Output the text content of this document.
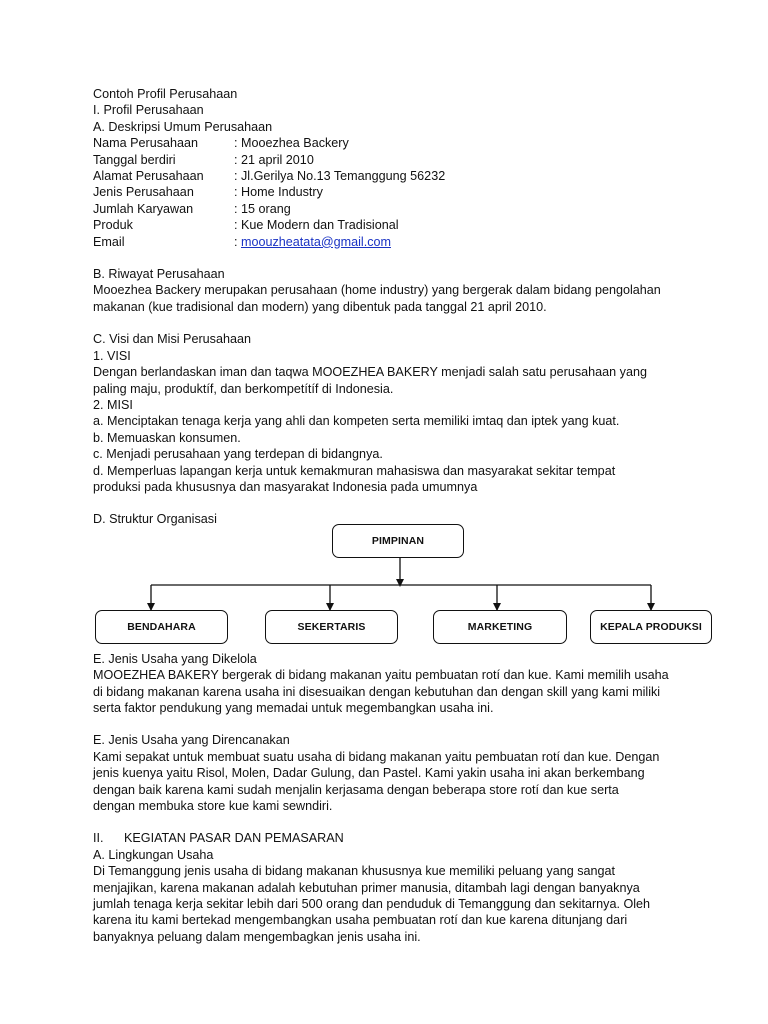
Contoh Profil Perusahaan
I. Profil Perusahaan
A. Deskripsi Umum Perusahaan
Nama Perusahaan	: Mooezhea Backery
Tanggal berdiri	: 21 april 2010
Alamat Perusahaan	: Jl.Gerilya No.13 Temanggung 56232
Jenis Perusahaan	: Home Industry
Jumlah Karyawan	: 15 orang
Produk	: Kue Modern dan Tradisional
Email	: moouzheatata@gmail.com
B. Riwayat Perusahaan
Mooezhea Backery merupakan perusahaan (home industry) yang bergerak dalam bidang pengolahan
makanan (kue tradisional dan modern) yang dibentuk pada tanggal 21 april 2010.
C. Visi dan Misi Perusahaan
1. VISI
Dengan berlandaskan iman dan taqwa MOOEZHEA BAKERY menjadi salah satu perusahaan yang
paling maju, produktíf, dan berkompetítíf di Indonesia.
2. MISI
a. Menciptakan tenaga kerja yang ahli dan kompeten serta memiliki imtaq dan iptek yang kuat.
b. Memuaskan konsumen.
c. Menjadi perusahaan yang terdepan di bidangnya.
d. Memperluas lapangan kerja untuk kemakmuran mahasiswa dan masyarakat sekitar tempat
produksi pada khususnya dan masyarakat Indonesia pada umumnya
D. Struktur Organisasi
PIMPINAN
BENDAHARA	SEKERTARIS	MARKETING	KEPALA PRODUKSI
E. Jenis Usaha yang Dikelola
MOOEZHEA BAKERY bergerak di bidang makanan yaitu pembuatan rotí dan kue. Kami memilih usaha
di bidang makanan karena usaha ini disesuaikan dengan kebutuhan dan dengan skill yang kami miliki
serta faktor pendukung yang memadai untuk megembangkan usaha ini.
E. Jenis Usaha yang Direncanakan
Kami sepakat untuk membuat suatu usaha di bidang makanan yaitu pembuatan rotí dan kue. Dengan
jenis kuenya yaitu Risol, Molen, Dadar Gulung, dan Pastel. Kami yakin usaha ini akan berkembang
dengan baik karena kami sudah menjalin kerjasama dengan beberapa store rotí dan kue serta
dengan membuka store kue kami sewndiri.
II.	KEGIATAN PASAR DAN PEMASARAN
A. Lingkungan Usaha
Di Temanggung jenis usaha di bidang makanan khususnya kue memiliki peluang yang sangat
menjajikan, karena makanan adalah kebutuhan primer manusia, ditambah lagi dengan banyaknya
jumlah tenaga kerja sekitar lebih dari 500 orang dan penduduk di Temanggung dan sekitarnya. Oleh
karena itu kami bertekad mengembangkan usaha pembuatan rotí dan kue karena ditunjang dari
banyaknya peluang dalam mengembagkan jenis usaha ini.
